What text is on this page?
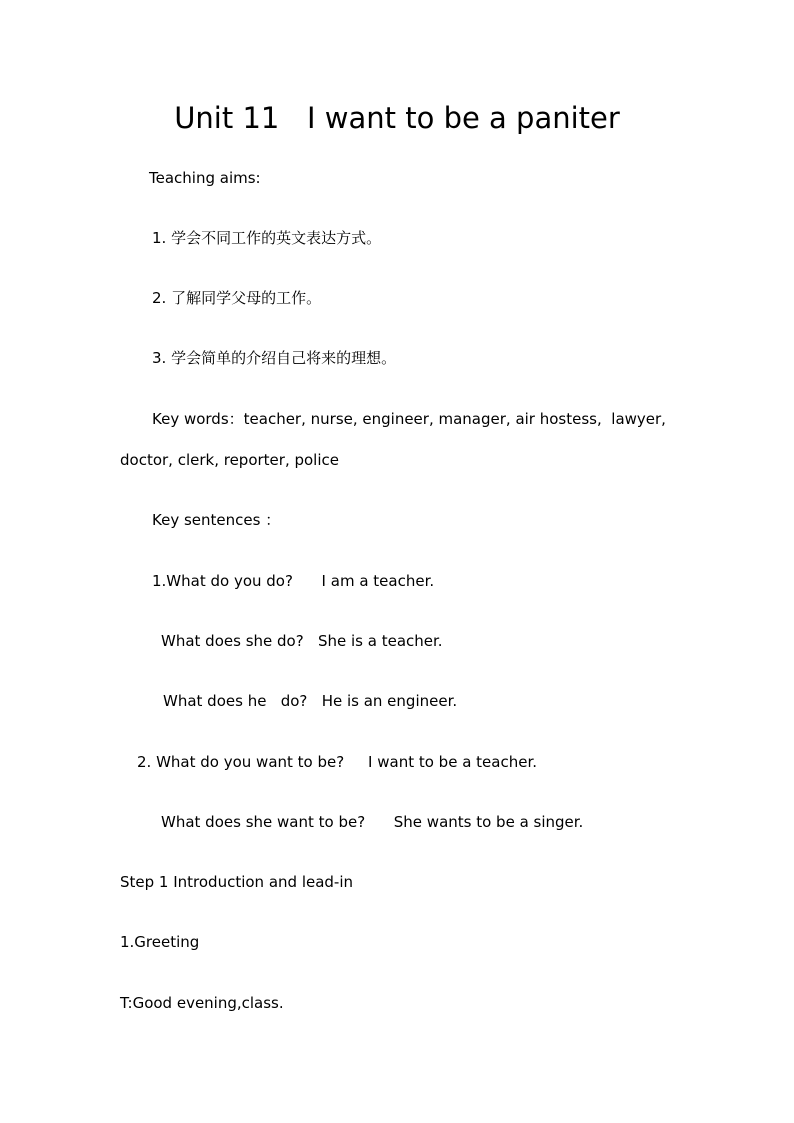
Unit 11   I want to be a paniter
Teaching aims:
1. 学会不同工作的英文表达方式。
2. 了解同学父母的工作。
3. 学会简单的介绍自己将来的理想。
Key words：teacher, nurse, engineer, manager, air hostess,  lawyer,
doctor, clerk, reporter, police
Key sentences ：
1.What do you do?      I am a teacher.
What does she do?   She is a teacher.
What does he   do?   He is an engineer.
2. What do you want to be?     I want to be a teacher.
What does she want to be?      She wants to be a singer.
Step 1 Introduction and lead-in
1.Greeting
T:Good evening,class.
